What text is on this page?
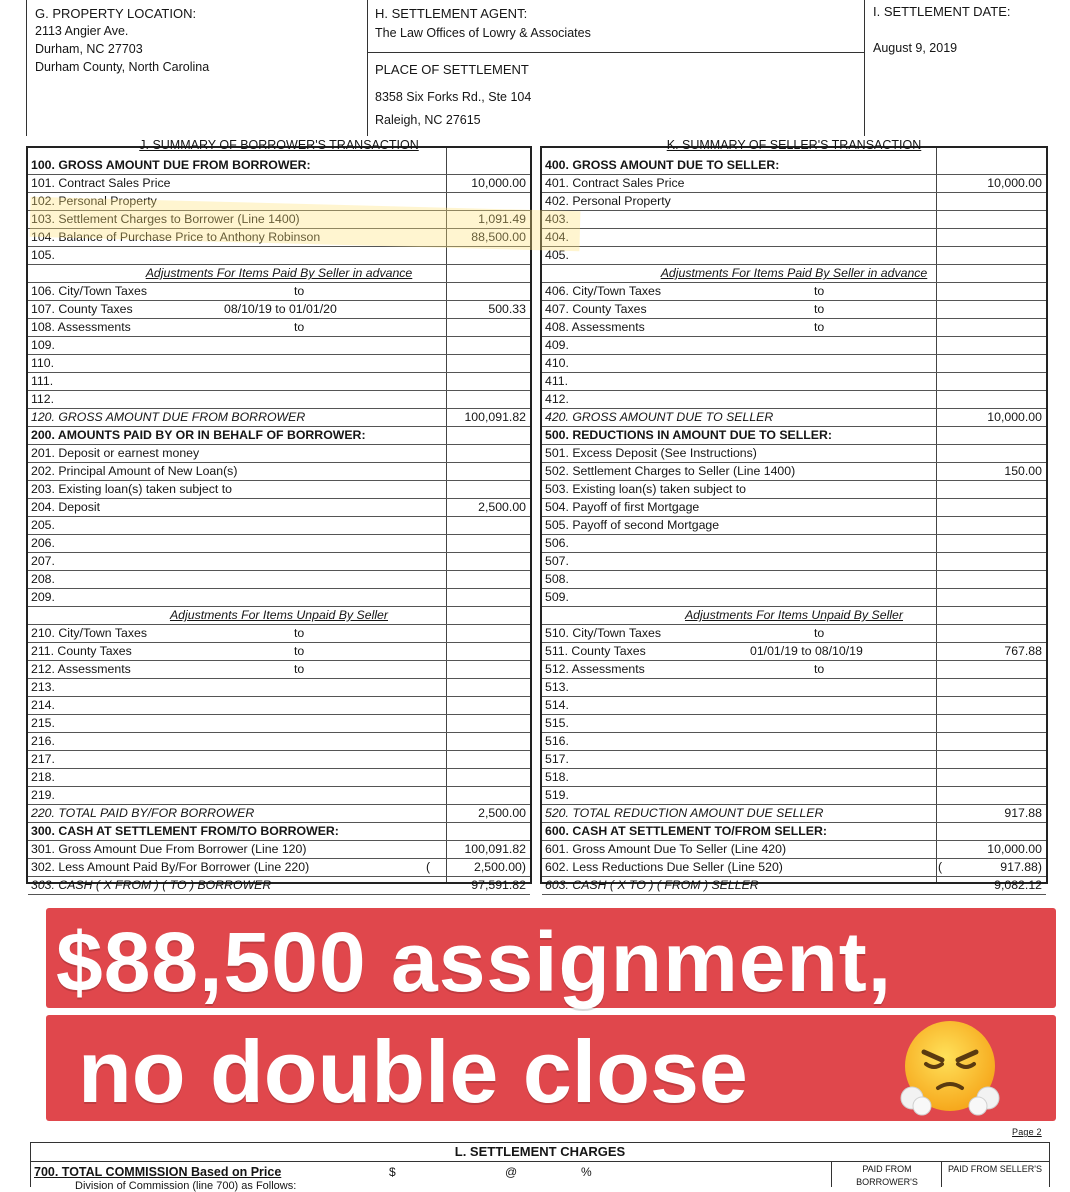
G. PROPERTY LOCATION:
2113 Angier Ave.
Durham, NC 27703
Durham County, North Carolina
H. SETTLEMENT AGENT:
The Law Offices of Lowry & Associates
PLACE OF SETTLEMENT
8358 Six Forks Rd., Ste 104
Raleigh, NC 27615
I. SETTLEMENT DATE:
August 9, 2019
J. SUMMARY OF BORROWER'S TRANSACTION
100. GROSS AMOUNT DUE FROM BORROWER:
101. Contract Sales Price	10,000.00
102. Personal Property
103. Settlement Charges to Borrower (Line 1400)	1,091.49
104. Balance of Purchase Price to Anthony Robinson	88,500.00
105.
Adjustments For Items Paid By Seller in advance
106. City/Town Taxes	to
107. County Taxes	08/10/19 to 01/01/20	500.33
108. Assessments	to
109.
110.
111.
112.
120. GROSS AMOUNT DUE FROM BORROWER	100,091.82
200. AMOUNTS PAID BY OR IN BEHALF OF BORROWER:
201. Deposit or earnest money
202. Principal Amount of New Loan(s)
203. Existing loan(s) taken subject to
204. Deposit	2,500.00
205.
206.
207.
208.
209.
Adjustments For Items Unpaid By Seller
210. City/Town Taxes	to
211. County Taxes	to
212. Assessments	to
213.
214.
215.
216.
217.
218.
219.
220. TOTAL PAID BY/FOR BORROWER	2,500.00
300. CASH AT SETTLEMENT FROM/TO BORROWER:
301. Gross Amount Due From Borrower (Line 120)	100,091.82
302. Less Amount Paid By/For Borrower (Line 220)	(	2,500.00)
303. CASH ( X FROM ) ( TO ) BORROWER	97,591.82
K. SUMMARY OF SELLER'S TRANSACTION
400. GROSS AMOUNT DUE TO SELLER:
401. Contract Sales Price	10,000.00
402. Personal Property
403.
404.
405.
Adjustments For Items Paid By Seller in advance
406. City/Town Taxes	to
407. County Taxes	to
408. Assessments	to
409.
410.
411.
412.
420. GROSS AMOUNT DUE TO SELLER	10,000.00
500. REDUCTIONS IN AMOUNT DUE TO SELLER:
501. Excess Deposit (See Instructions)
502. Settlement Charges to Seller (Line 1400)	150.00
503. Existing loan(s) taken subject to
504. Payoff of first Mortgage
505. Payoff of second Mortgage
506.
507.
508.
509.
Adjustments For Items Unpaid By Seller
510. City/Town Taxes	to
511. County Taxes	01/01/19 to 08/10/19	767.88
512. Assessments	to
513.
514.
515.
516.
517.
518.
519.
520. TOTAL REDUCTION AMOUNT DUE SELLER	917.88
600. CASH AT SETTLEMENT TO/FROM SELLER:
601. Gross Amount Due To Seller (Line 420)	10,000.00
602. Less Reductions Due Seller (Line 520)	(	917.88)
603. CASH ( X TO ) ( FROM ) SELLER	9,082.12
$88,500 assignment,
no double close
Page 2
L. SETTLEMENT CHARGES
700. TOTAL COMMISSION Based on Price	$	@	%
Division of Commission (line 700) as Follows:
PAID FROM BORROWER'S
PAID FROM SELLER'S
